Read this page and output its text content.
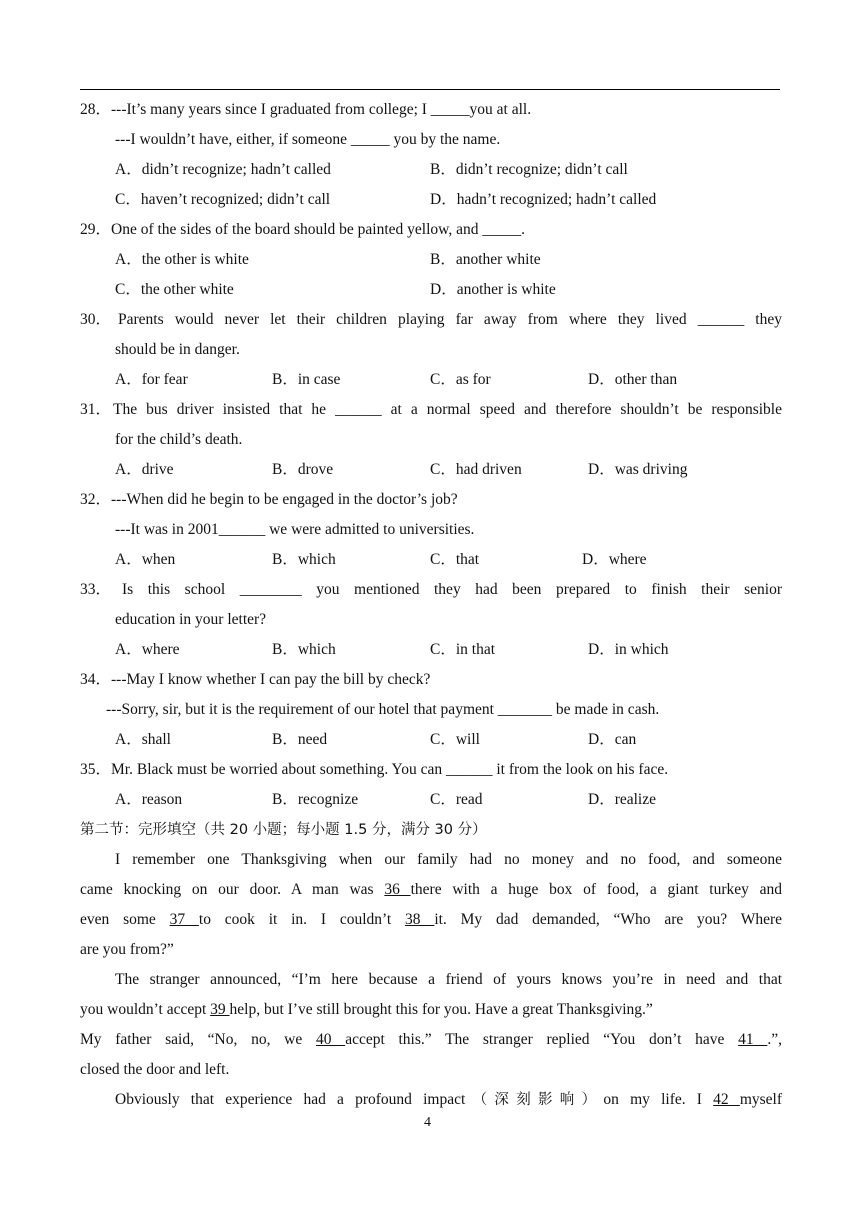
28．---It’s many years since I graduated from college; I _____you at all.
---I wouldn’t have, either, if someone _____ you by the name.
A．didn’t recognize; hadn’t called	B．didn’t recognize; didn’t call
C．haven’t recognized; didn’t call	D．hadn’t recognized; hadn’t called
29．One of the sides of the board should be painted yellow, and _____.
A．the other is white	B．another white
C．the other white	D．another is white
30． Parents would never let their children playing far away from where they lived ______ they
should be in danger.
A．for fear	B．in case	C．as for	D．other than
31． The bus driver insisted that he ______ at a normal speed and therefore shouldn’t be responsible
for the child’s death.
A．drive	B．drove	C．had driven	D．was driving
32．---When did he begin to be engaged in the doctor’s job?
---It was in 2001______ we were admitted to universities.
A．when	B．which	C．that	D．where
33． Is this school ________ you mentioned they had been prepared to finish their senior
education in your letter?
A．where	B．which	C．in that	D．in which
34．---May I know whether I can pay the bill by check?
---Sorry, sir, but it is the requirement of our hotel that payment _______ be made in cash.
A．shall	B．need	C．will	D．can
35．Mr. Black must be worried about something. You can ______ it from the look on his face.
A．reason	B．recognize	C．read	D．realize
第二节：完形填空（共 20 小题；每小题 1.5 分，满分 30 分）
I remember one Thanksgiving when our family had no money and no food, and someone
came knocking on our door. A man was 36 there with a huge box of food, a giant turkey and
even some 37 to cook it in. I couldn’t 38 it. My dad demanded, “Who are you? Where
are you from?”
The stranger announced, “I’m here because a friend of yours knows you’re in need and that
you wouldn’t accept 39 help, but I’ve still brought this for you. Have a great Thanksgiving.”
My father said, “No, no, we 40 accept this.” The stranger replied “You don’t have 41 .”,
closed the door and left.
Obviously that experience had a profound impact（深刻影响）on my life. I 42 myself
4
